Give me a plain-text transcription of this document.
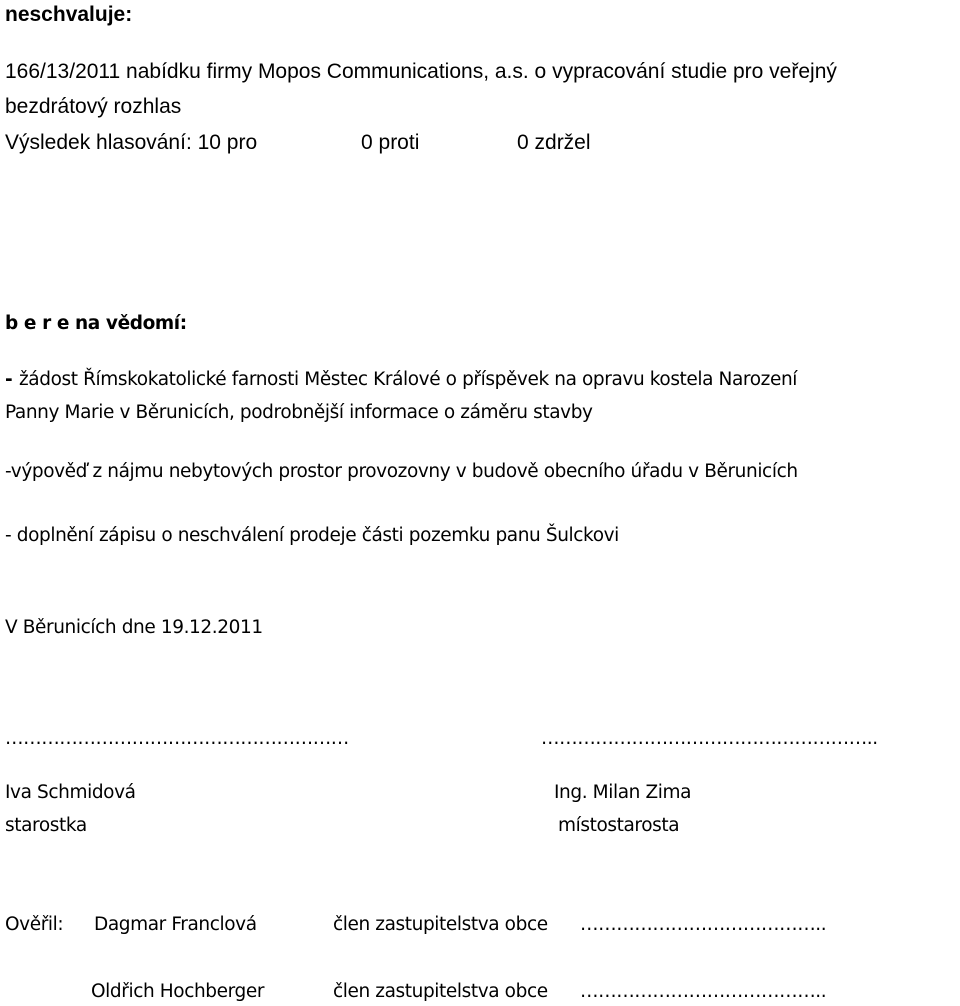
neschvaluje:
166/13/2011 nabídku firmy Mopos Communications, a.s. o vypracování studie pro veřejný
bezdrátový rozhlas
Výsledek hlasování: 10 pro	0 proti	0 zdržel
b e r e na vědomí:
- žádost Římskokatolické farnosti Městec Králové o příspěvek na opravu kostela Narození
Panny Marie v Běrunicích, podrobnější informace o záměru stavby
-výpověď z nájmu nebytových prostor provozovny v budově obecního úřadu v Běrunicích
- doplnění zápisu o neschválení prodeje části pozemku panu Šulckovi
V Běrunicích dne 19.12.2011
…………………………………………………	………………………………………………..
Iva Schmidová
starostka
Ing. Milan Zima
místostarosta
Ověřil: Dagmar Franclová	člen zastupitelstva obce …………………………………..
Oldřich Hochberger	člen zastupitelstva obce …………………………………..
